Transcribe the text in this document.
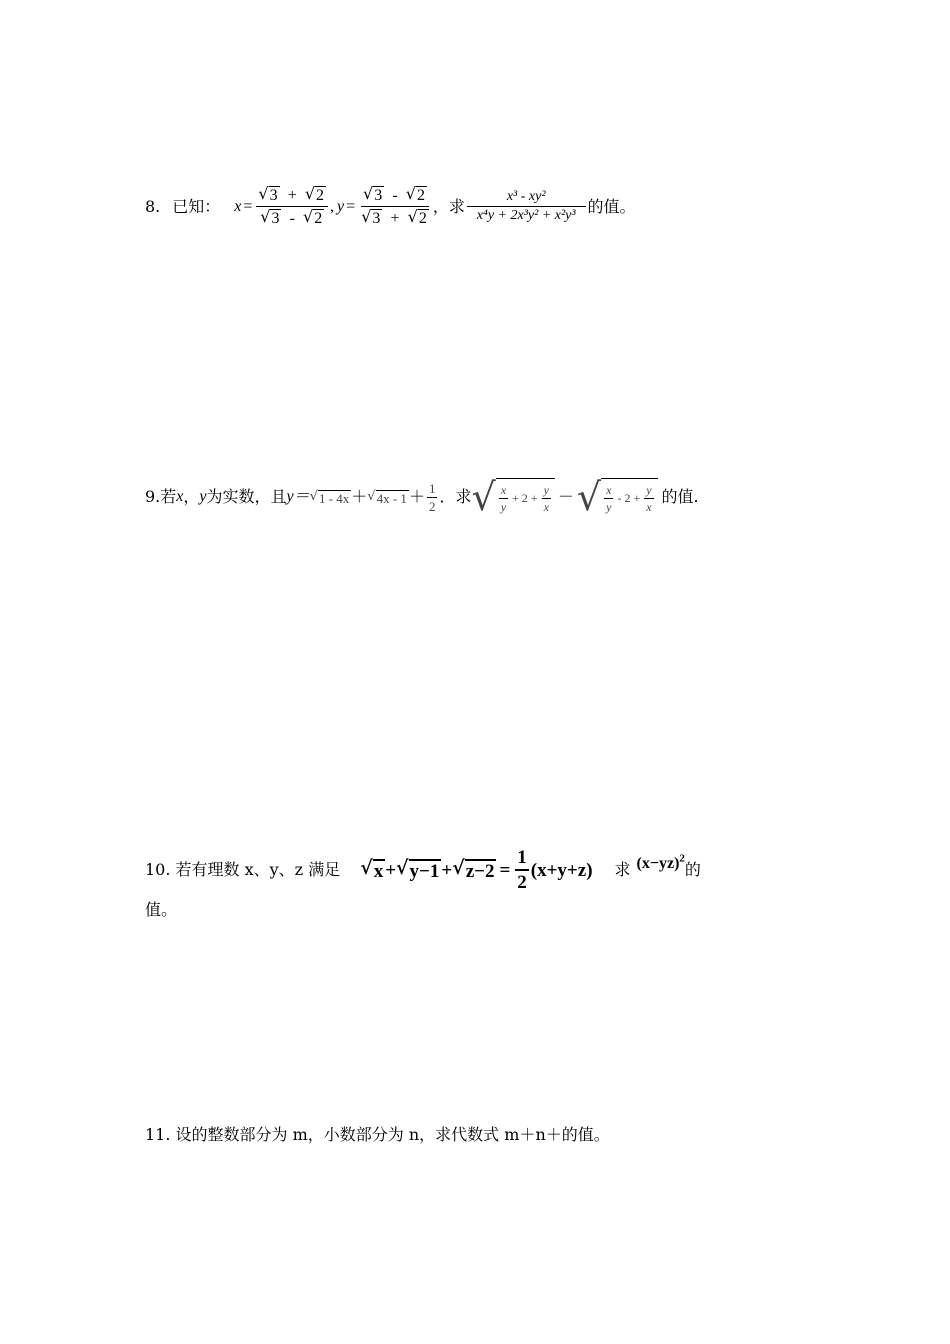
8. 已知： $x = \frac{√ 3 + √ 2}{√ 3 - √ 2}$ , $y = \frac{√ 3 - √ 2}{√ 3 + √ 2}$ ，求 $\frac{\text{x³ - xy²}}{\text{x⁴y + 2x³y² + x²y³}}$ 的值。
9.若 x ， y 为实数，且 y＝ √ 1 - 4x ＋ √ $4x - 1 + \frac{1}{2}$ ．求 √ $\frac{x}{y} + 2 + \frac{y}{x}$ － √ $\frac{x}{y} - 2 + \frac{y}{x}$ 的值.
10. 若有理数 x、y、z 满足 √ x + √ y−1 + √ $z-2 = \frac{1}{2} (x+y+z)$ 求 $(x-yz)^2$
的
值。
11. 设的整数部分为 m，小数部分为 n，求代数式 m＋n＋的值。
